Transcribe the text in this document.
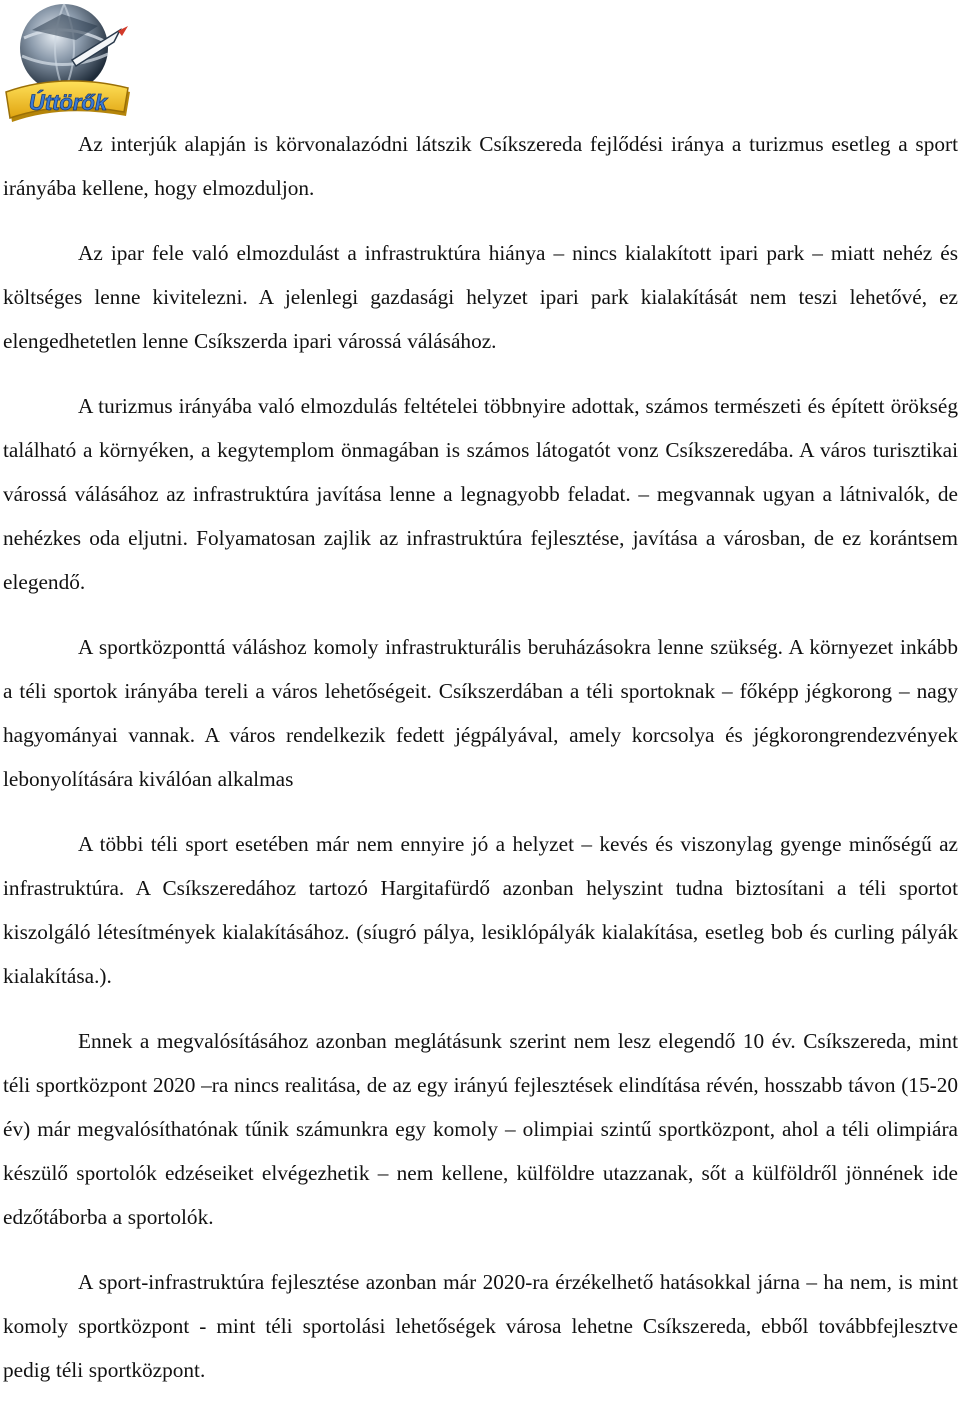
Úttörők

Az interjúk alapján is körvonalazódni látszik Csíkszereda fejlődési iránya a turizmus esetleg a sport irányába kellene, hogy elmozduljon.

Az ipar fele való elmozdulást a infrastruktúra hiánya – nincs kialakított ipari park – miatt nehéz és költséges lenne kivitelezni. A jelenlegi gazdasági helyzet ipari park kialakítását nem teszi lehetővé, ez elengedhetetlen lenne Csíkszerda ipari várossá válásához.

A turizmus irányába való elmozdulás feltételei többnyire adottak, számos természeti és épített örökség található a környéken, a kegytemplom önmagában is számos látogatót vonz Csíkszeredába. A város turisztikai várossá válásához az infrastruktúra javítása lenne a legnagyobb feladat. – megvannak ugyan a látnivalók, de nehézkes oda eljutni. Folyamatosan zajlik az infrastruktúra fejlesztése, javítása a városban, de ez korántsem elegendő.

A sportközponttá váláshoz komoly infrastrukturális beruházásokra lenne szükség. A környezet inkább a téli sportok irányába tereli a város lehetőségeit. Csíkszerdában a téli sportoknak – főképp jégkorong – nagy hagyományai vannak. A város rendelkezik fedett jégpályával, amely korcsolya és jégkorongrendezvények lebonyolítására kiválóan alkalmas

A többi téli sport esetében már nem ennyire jó a helyzet – kevés és viszonylag gyenge minőségű az infrastruktúra. A Csíkszeredához tartozó Hargitafürdő azonban helyszint tudna biztosítani a téli sportot kiszolgáló létesítmények kialakításához. (síugró pálya, lesiklópályák kialakítása, esetleg bob és curling pályák kialakítása.).

Ennek a megvalósításához azonban meglátásunk szerint nem lesz elegendő 10 év. Csíkszereda, mint téli sportközpont 2020 –ra nincs realitása, de az egy irányú fejlesztések elindítása révén, hosszabb távon (15-20 év) már megvalósíthatónak tűnik számunkra egy komoly – olimpiai szintű sportközpont, ahol a téli olimpiára készülő sportolók edzéseiket elvégezhetik – nem kellene, külföldre utazzanak, sőt a külföldről jönnének ide edzőtáborba a sportolók.

A sport-infrastruktúra fejlesztése azonban már 2020-ra érzékelhető hatásokkal járna – ha nem, is mint komoly sportközpont - mint téli sportolási lehetőségek városa lehetne Csíkszereda, ebből továbbfejlesztve pedig téli sportközpont.
